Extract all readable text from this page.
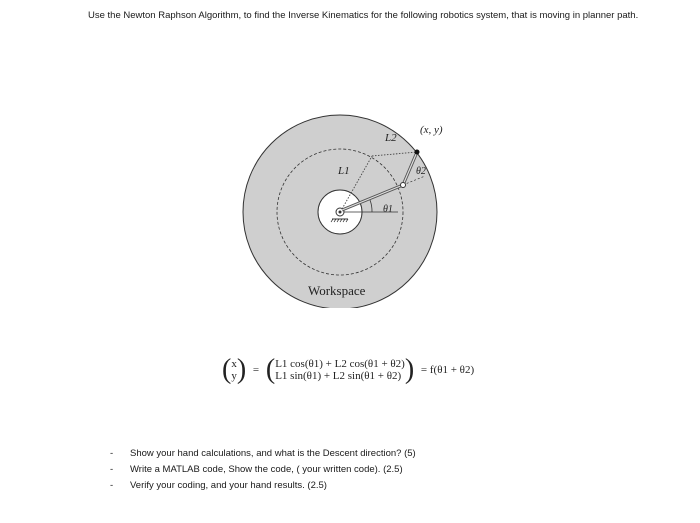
Use the Newton Raphson Algorithm, to find the Inverse Kinematics for the following robotics system, that is moving in planner path.
(x, y)
L2
L1	θ2
θ1
Workspace
(x
y) = (L1 cos(θ1) + L2 cos(θ1 + θ2)
L1 sin(θ1) + L2 sin(θ1 + θ2) ) = f(θ1 + θ2)
- Show your hand calculations, and what is the Descent direction? (5)
- Write a MATLAB code, Show the code, ( your written code). (2.5)
- Verify your coding, and your hand results. (2.5)
